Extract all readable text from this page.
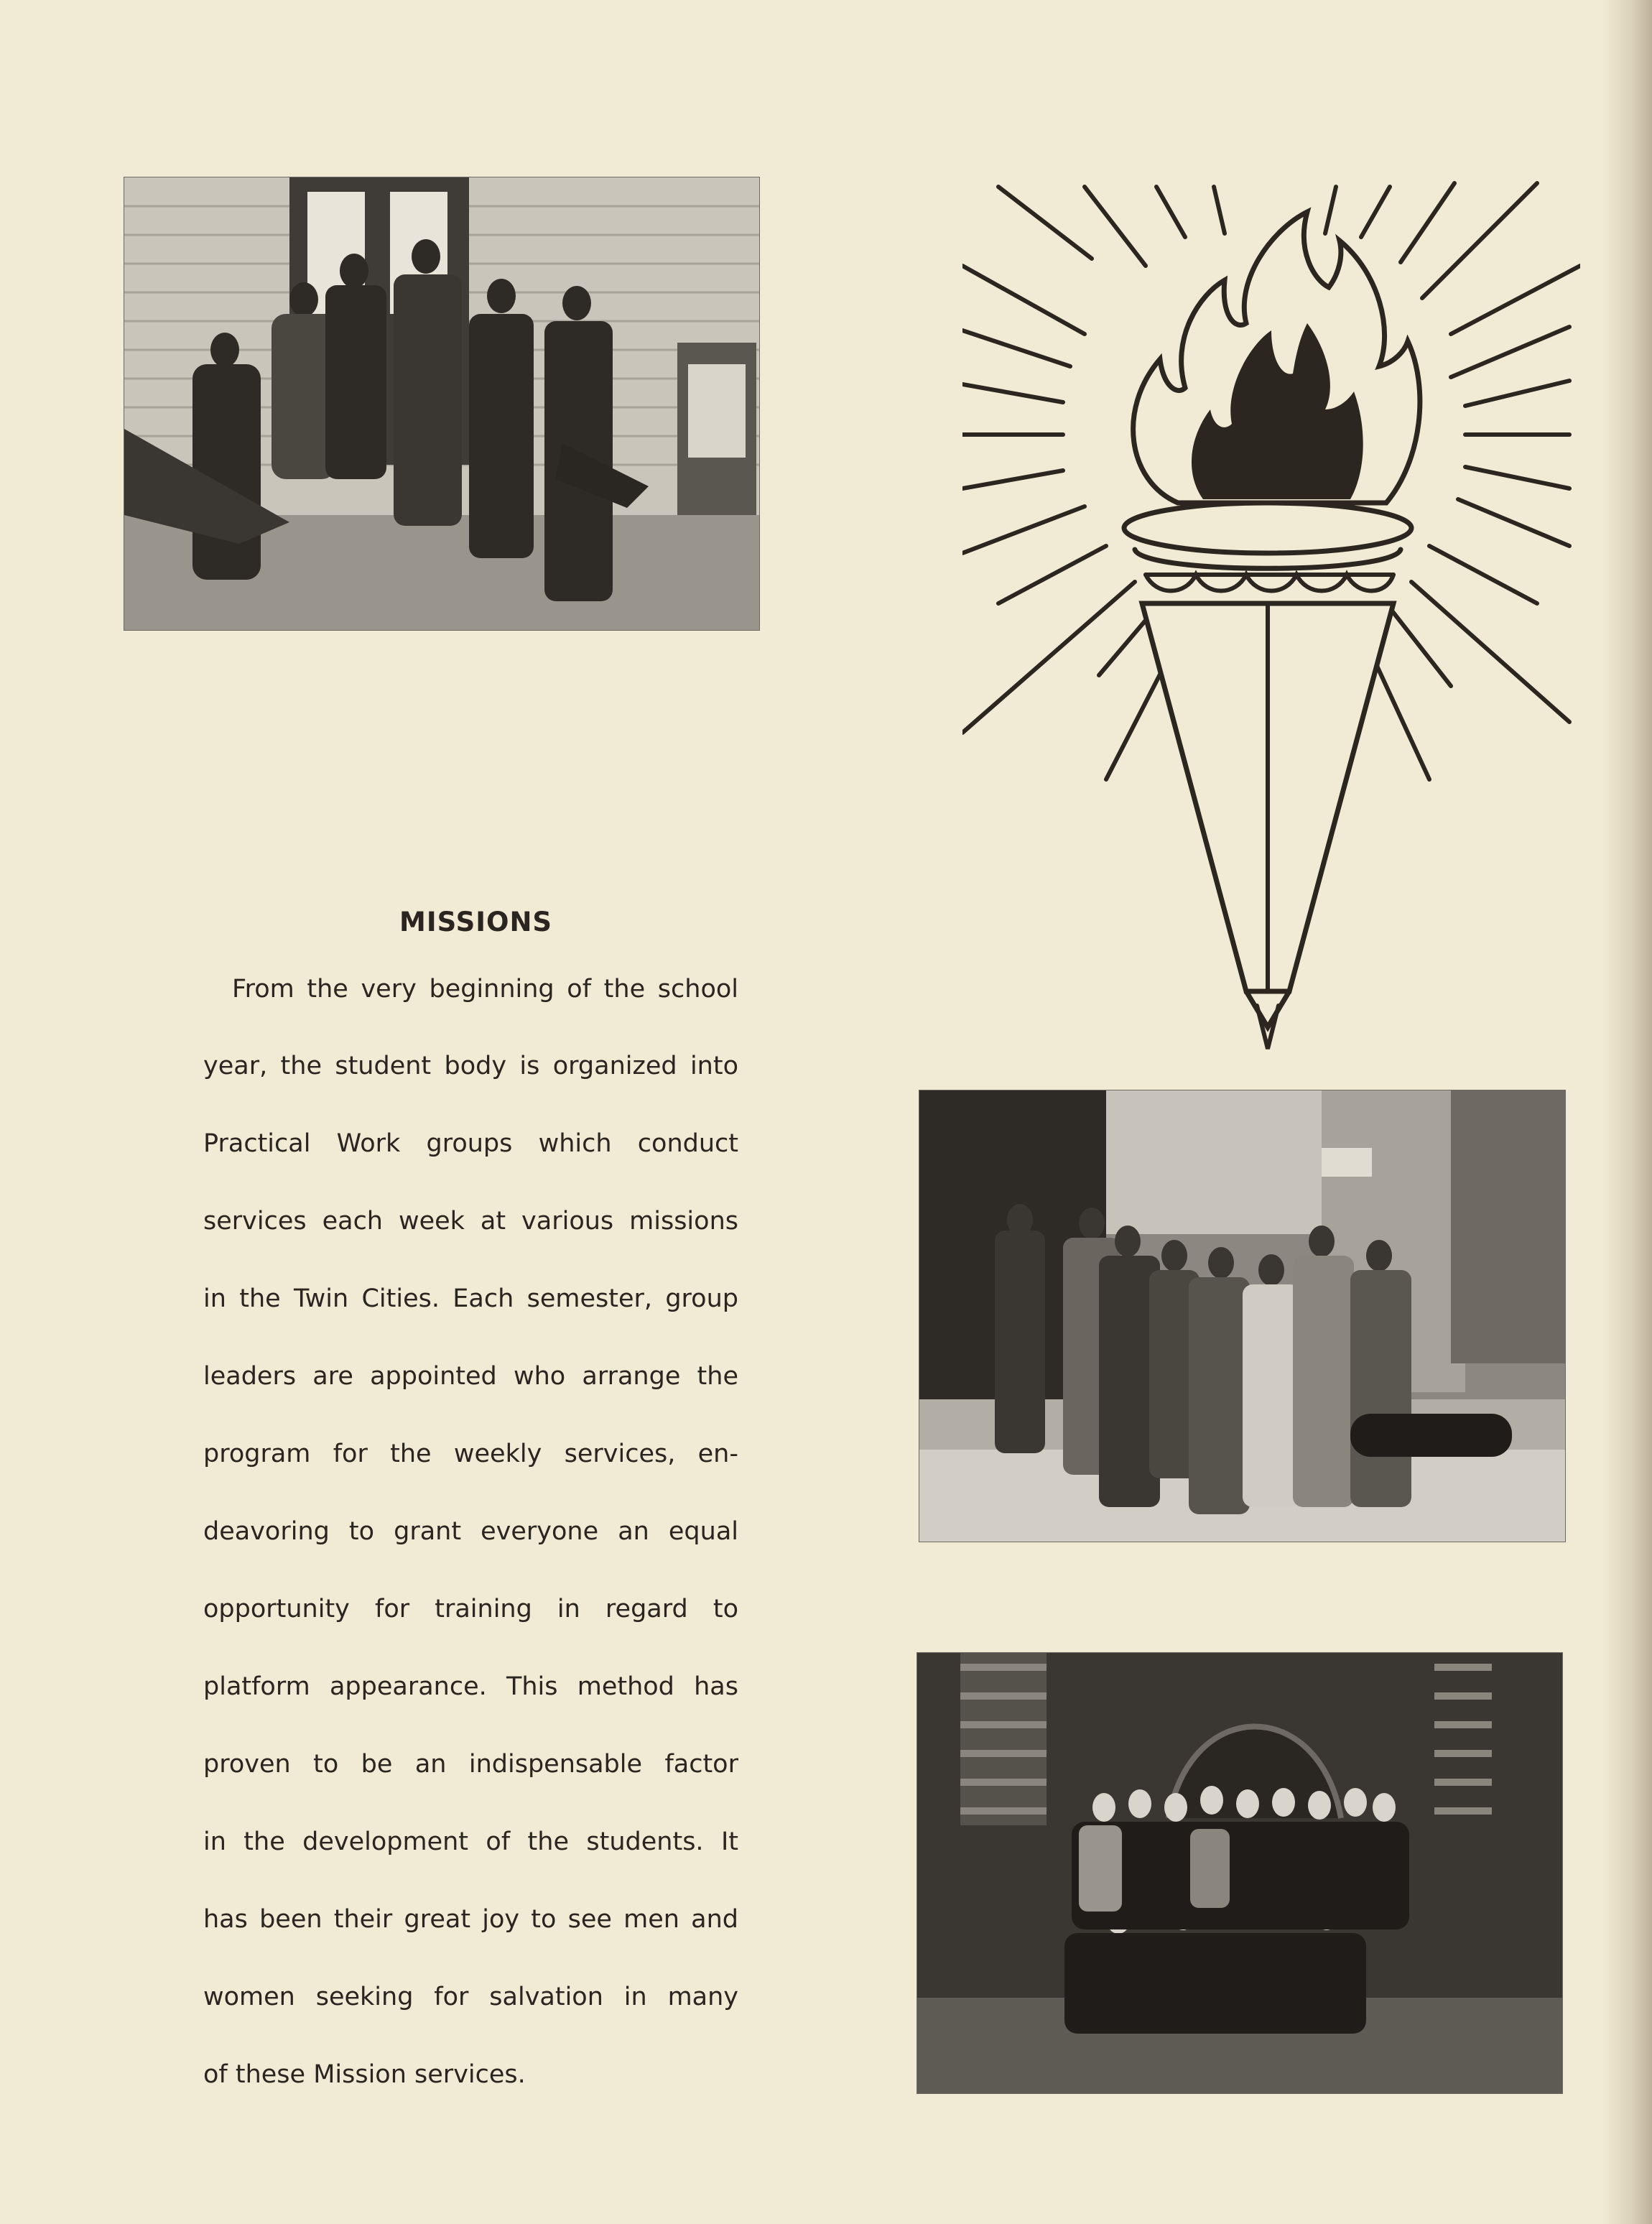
MISSIONS
From the very beginning of the school
year, the student body is organized into
Practical Work groups which conduct
services each week at various missions
in the Twin Cities. Each semester, group
leaders are appointed who arrange the
program for the weekly services, en-
deavoring to grant everyone an equal
opportunity for training in regard to
platform appearance. This method has
proven to be an indispensable factor
in the development of the students. It
has been their great joy to see men and
women seeking for salvation in many
of these Mission services.
